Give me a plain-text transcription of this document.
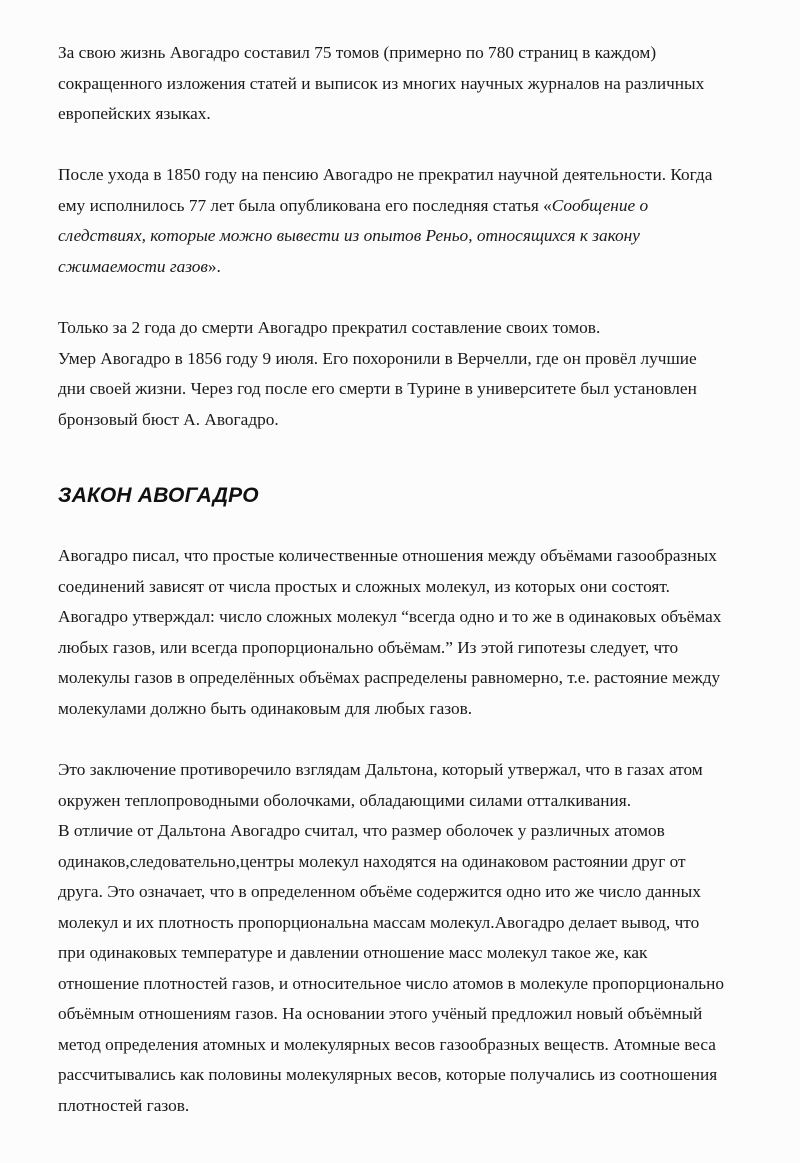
За свою жизнь Авогадро составил 75 томов (примерно по 780 страниц в каждом)
сокращенного изложения статей и выписок из многих научных журналов на различных
европейских языках.

После ухода в 1850 году на пенсию Авогадро не прекратил научной деятельности. Когда
ему исполнилось 77 лет была опубликована его последняя статья «Сообщение о
следствиях, которые можно вывести из опытов Реньо, относящихся к закону
сжимаемости газов».

Только за 2 года до смерти Авогадро прекратил составление своих томов.
Умер Авогадро в 1856 году 9 июля. Его похоронили в Верчелли, где он провёл лучшие
дни своей жизни. Через год после его смерти в Турине в университете был установлен
бронзовый бюст А. Авогадро.

ЗАКОН АВОГАДРО

Авогадро писал, что простые количественные отношения между объёмами газообразных
соединений зависят от числа простых и сложных молекул, из которых они состоят.
Авогадро утверждал: число сложных молекул “всегда одно и то же в одинаковых объёмах
любых газов, или всегда пропорционально объёмам.” Из этой гипотезы следует, что
молекулы газов в определённых объёмах распределены равномерно, т.е. растояние между
молекулами должно быть одинаковым для любых газов.

Это заключение противоречило взглядам Дальтона, который утвержал, что в газах атом
окружен теплопроводными оболочками, обладающими силами отталкивания.
В отличие от Дальтона Авогадро считал, что размер оболочек у различных атомов
одинаков,следовательно,центры молекул находятся на одинаковом растоянии друг от
друга. Это означает, что в определенном объёме содержится одно ито же число данных
молекул и их плотность пропорциональна массам молекул.Авогадро делает вывод, что
при одинаковых температуре и давлении отношение масс молекул такое же, как
отношение плотностей газов, и относительное число атомов в молекуле пропорционально
объёмным отношениям газов. На основании этого учёный предложил новый объёмный
метод определения атомных и молекулярных весов газообразных веществ. Атомные веса
рассчитывались как половины молекулярных весов, которые получались из соотношения
плотностей газов.
